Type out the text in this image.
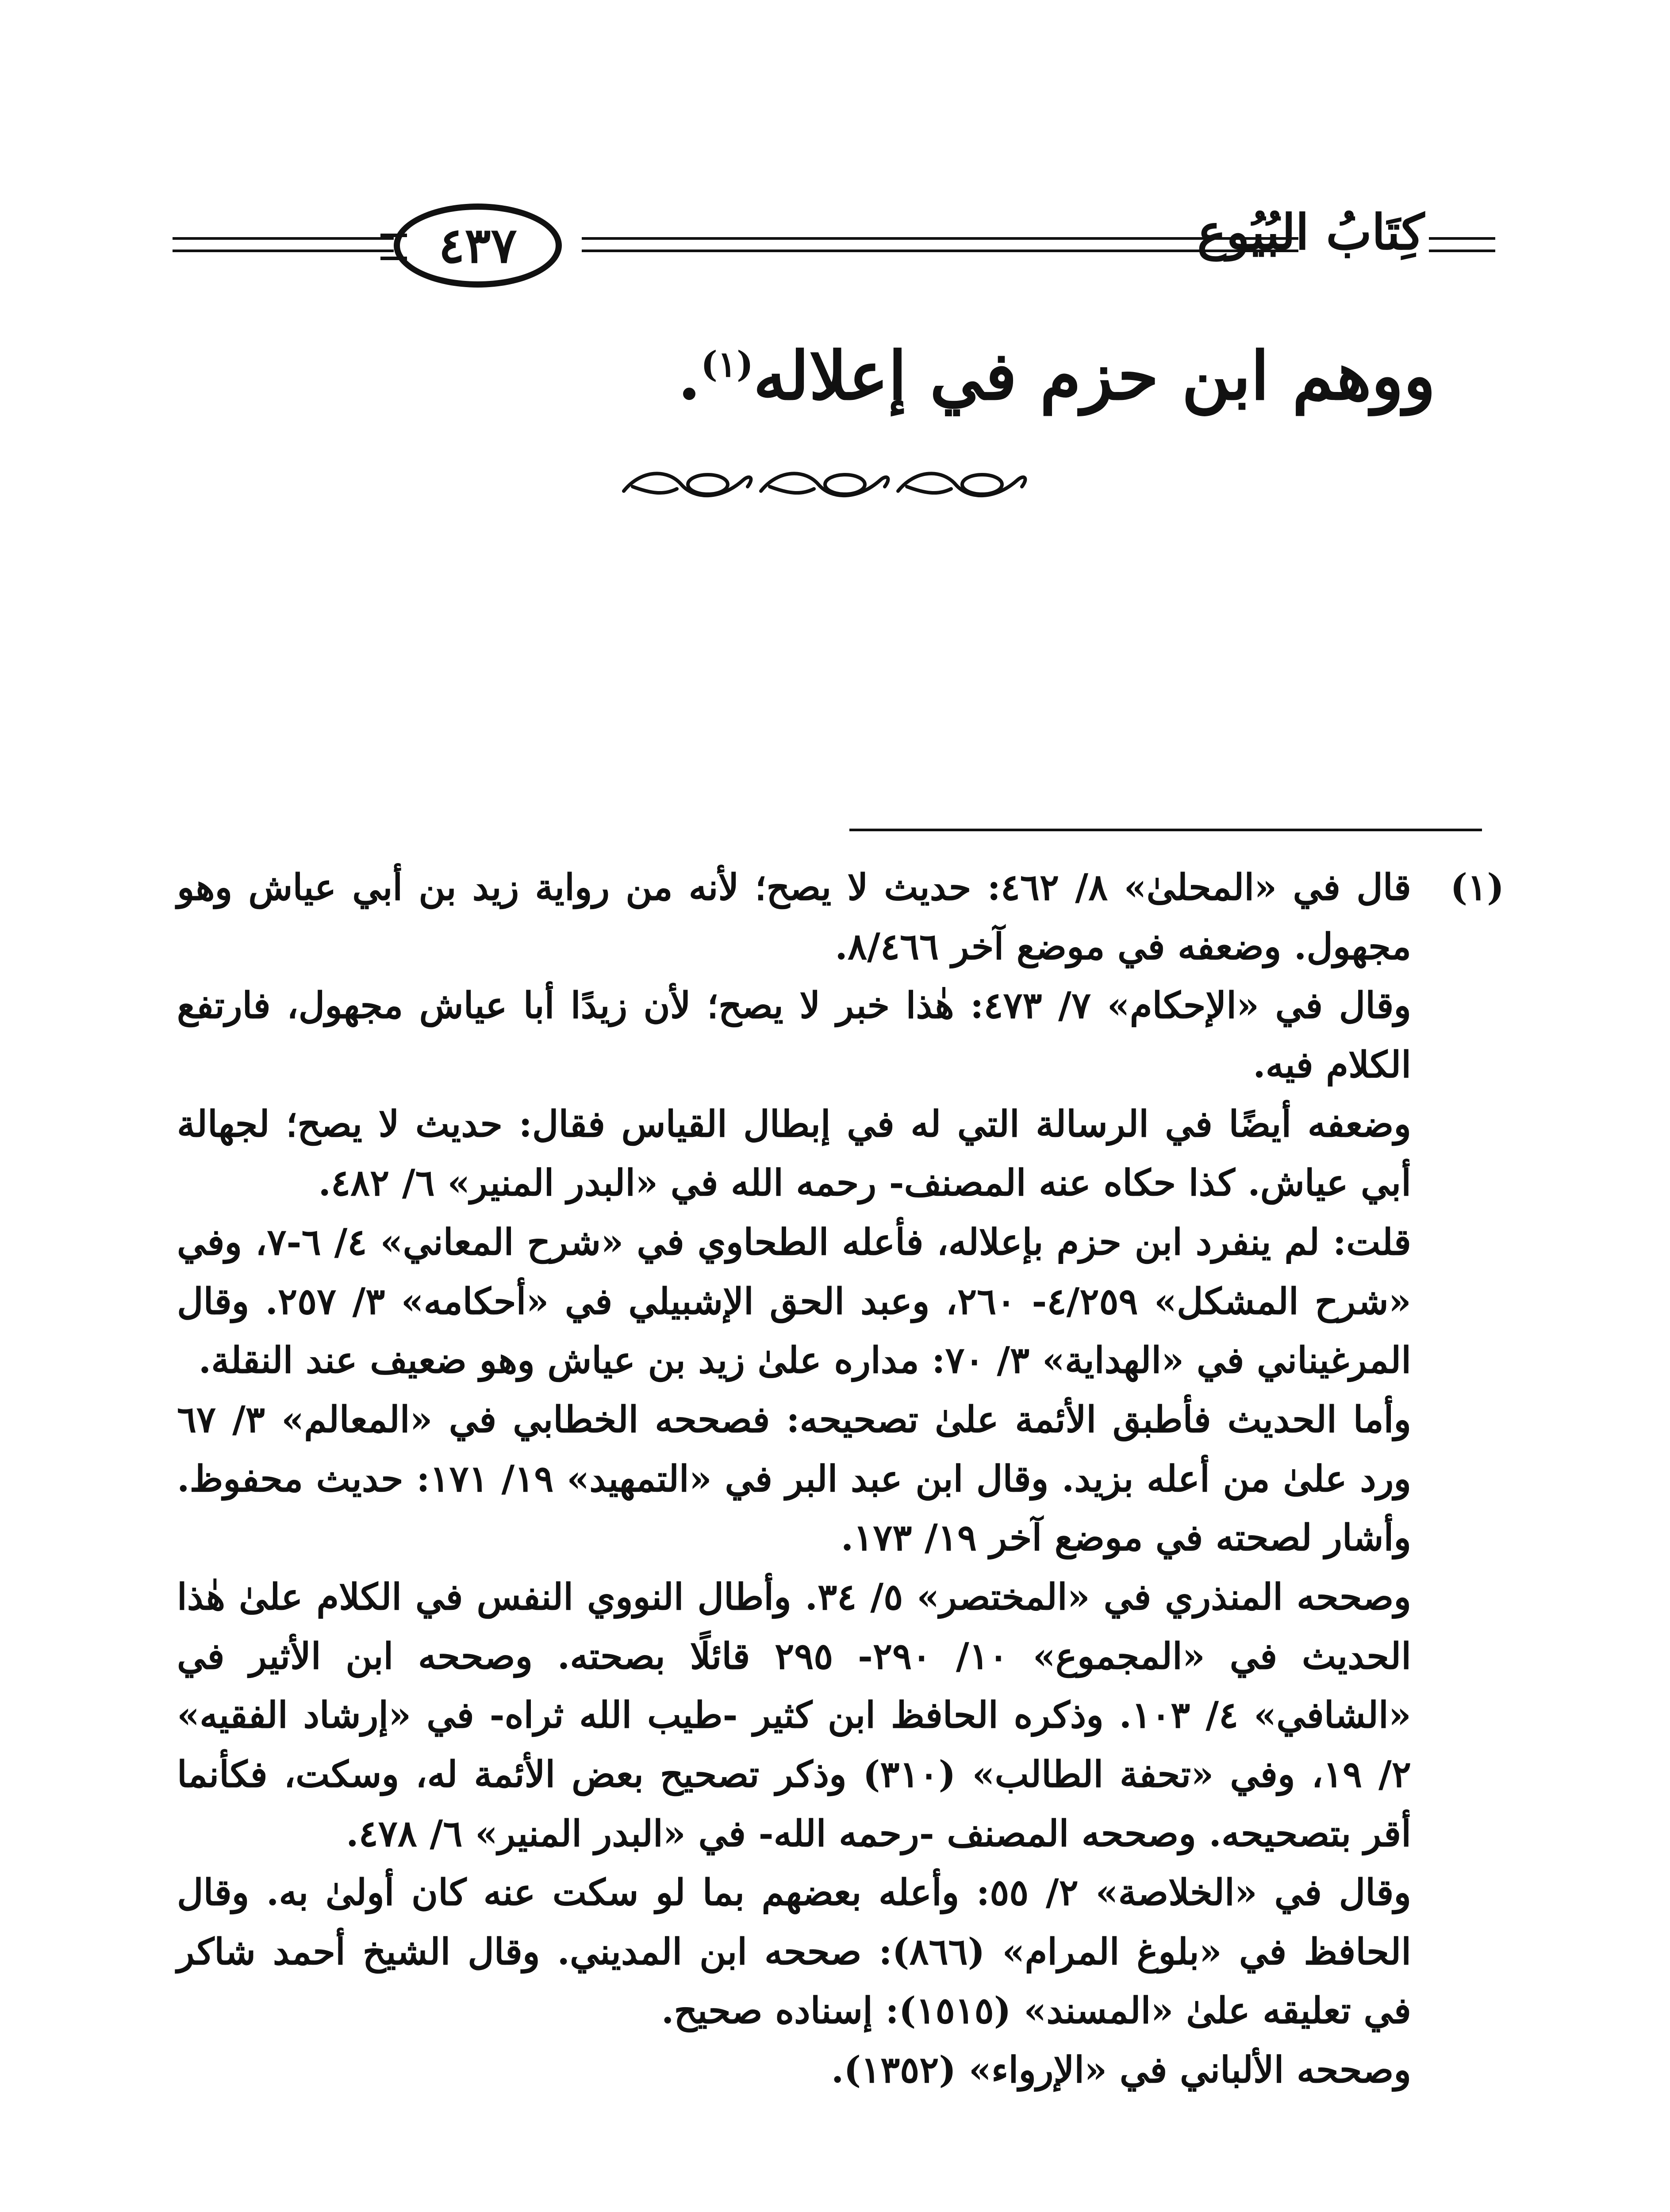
٤٣٧	كِتَابُ البُيُوع
ووهم ابن حزم في إعلاله$^{(١)}$.
(١)

قال في «المحلىٰ» ٨/ ٤٦٢: حديث لا يصح؛ لأنه من رواية زيد بن أبي عياش وهو مجهول. وضعفه في موضع آخر ٨/٤٦٦.

وقال في «الإحكام» ٧/ ٤٧٣: هٰذا خبر لا يصح؛ لأن زيدًا أبا عياش مجهول، فارتفع الكلام فيه.

وضعفه أيضًا في الرسالة التي له في إبطال القياس فقال: حديث لا يصح؛ لجهالة أبي عياش. كذا حكاه عنه المصنف- رحمه الله في «البدر المنير» ٦/ ٤٨٢.

قلت: لم ينفرد ابن حزم بإعلاله، فأعله الطحاوي في «شرح المعاني» ٤/ ٦-٧، وفي «شرح المشكل» ٤/٢٥٩- ٢٦٠، وعبد الحق الإشبيلي في «أحكامه» ٣/ ٢٥٧. وقال المرغيناني في «الهداية» ٣/ ٧٠: مداره علىٰ زيد بن عياش وهو ضعيف عند النقلة.

وأما الحديث فأطبق الأئمة علىٰ تصحيحه: فصححه الخطابي في «المعالم» ٣/ ٦٧ ورد علىٰ من أعله بزيد. وقال ابن عبد البر في «التمهيد» ١٩/ ١٧١: حديث محفوظ. وأشار لصحته في موضع آخر ١٩/ ١٧٣.

وصححه المنذري في «المختصر» ٥/ ٣٤. وأطال النووي النفس في الكلام علىٰ هٰذا الحديث في «المجموع» ١٠/ ٢٩٠- ٢٩٥ قائلًا بصحته. وصححه ابن الأثير في «الشافي» ٤/ ١٠٣. وذكره الحافظ ابن كثير -طيب الله ثراه- في «إرشاد الفقيه» ٢/ ١٩، وفي «تحفة الطالب» (٣١٠) وذكر تصحيح بعض الأئمة له، وسكت، فكأنما أقر بتصحيحه. وصححه المصنف -رحمه الله- في «البدر المنير» ٦/ ٤٧٨.

وقال في «الخلاصة» ٢/ ٥٥: وأعله بعضهم بما لو سكت عنه كان أولىٰ به. وقال الحافظ في «بلوغ المرام» (٨٦٦): صححه ابن المديني. وقال الشيخ أحمد شاكر في تعليقه علىٰ «المسند» (١٥١٥): إسناده صحيح.

وصححه الألباني في «الإرواء» (١٣٥٢).
